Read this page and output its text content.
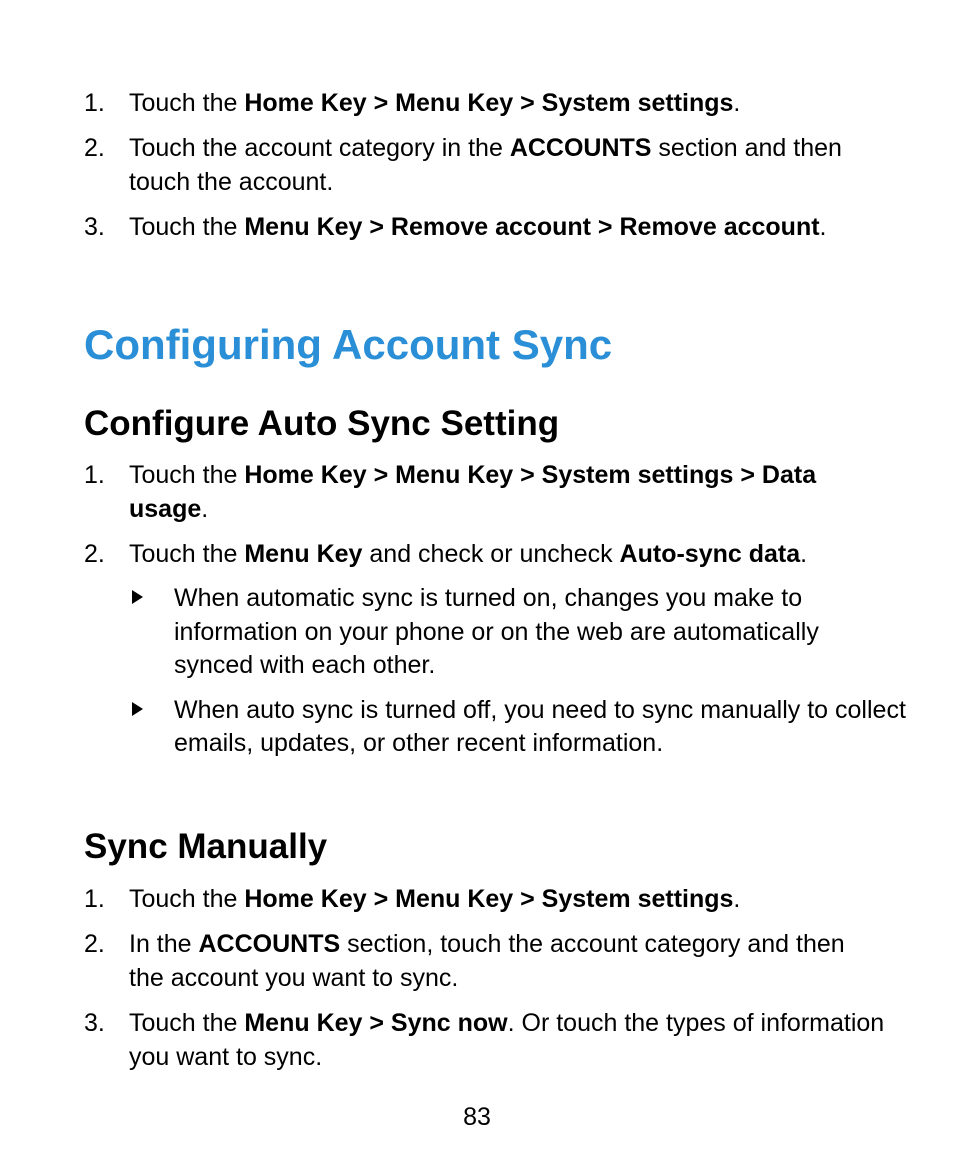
1. Touch the Home Key > Menu Key > System settings.
2. Touch the account category in the ACCOUNTS section and then touch the account.
3. Touch the Menu Key > Remove account > Remove account.
Configuring Account Sync
Configure Auto Sync Setting
1. Touch the Home Key > Menu Key > System settings > Data usage.
2. Touch the Menu Key and check or uncheck Auto-sync data.
When automatic sync is turned on, changes you make to information on your phone or on the web are automatically synced with each other.
When auto sync is turned off, you need to sync manually to collect emails, updates, or other recent information.
Sync Manually
1. Touch the Home Key > Menu Key > System settings.
2. In the ACCOUNTS section, touch the account category and then the account you want to sync.
3. Touch the Menu Key > Sync now. Or touch the types of information you want to sync.
83
